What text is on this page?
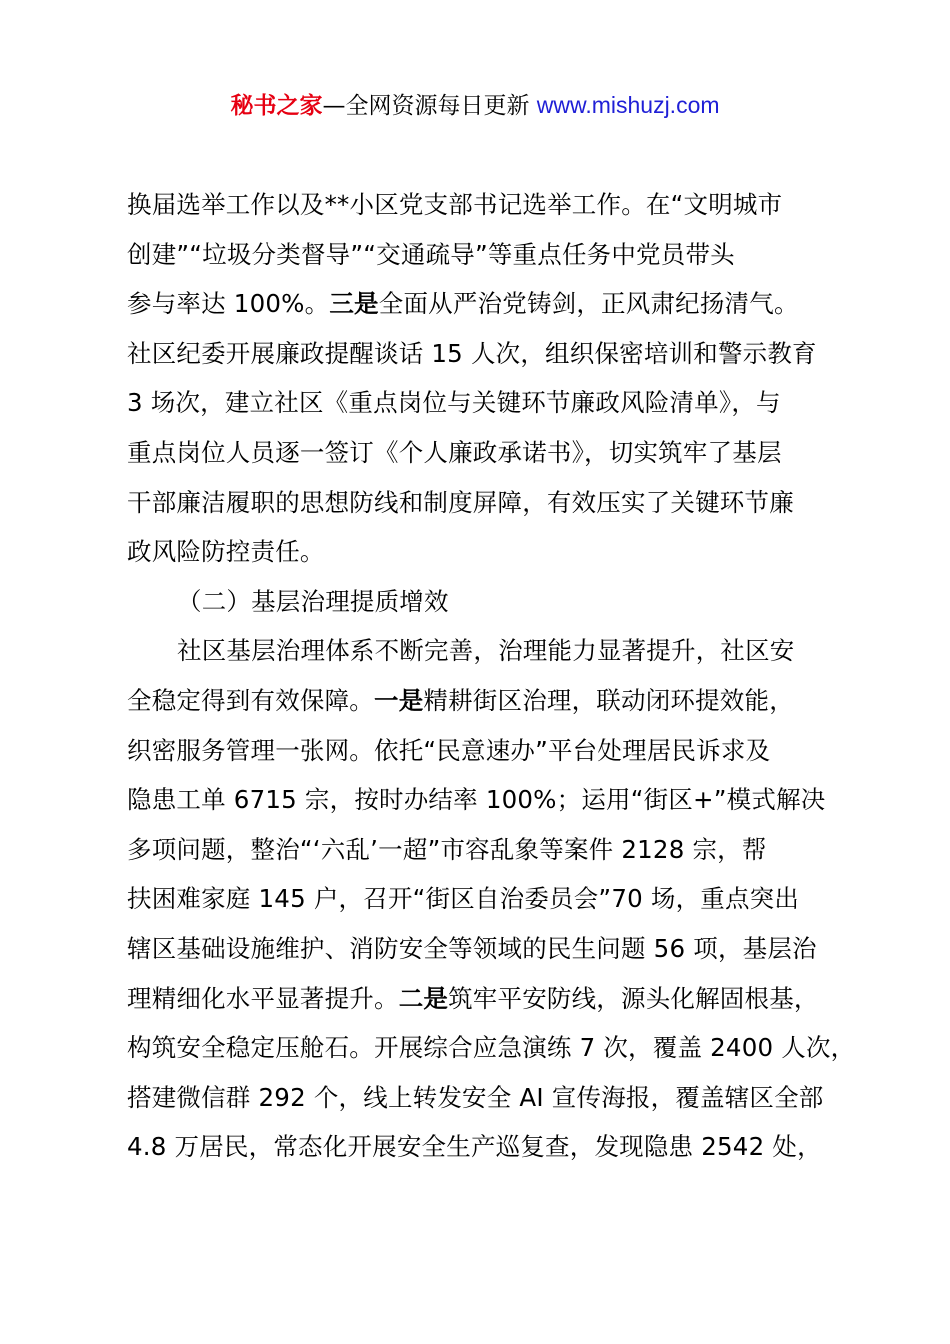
秘书之家—全网资源每日更新 www.mishuzj.com
换届选举工作以及**小区党支部书记选举工作。在“文明城市
创建”“垃圾分类督导”“交通疏导”等重点任务中党员带头
参与率达 100%。三是全面从严治党铸剑，正风肃纪扬清气。
社区纪委开展廉政提醒谈话 15 人次，组织保密培训和警示教育
3 场次，建立社区《重点岗位与关键环节廉政风险清单》，与
重点岗位人员逐一签订《个人廉政承诺书》，切实筑牢了基层
干部廉洁履职的思想防线和制度屏障，有效压实了关键环节廉
政风险防控责任。
（二）基层治理提质增效
社区基层治理体系不断完善，治理能力显著提升，社区安
全稳定得到有效保障。一是精耕街区治理，联动闭环提效能，
织密服务管理一张网。依托“民意速办”平台处理居民诉求及
隐患工单 6715 宗，按时办结率 100%；运用“街区+”模式解决
多项问题，整治“‘六乱’一超”市容乱象等案件 2128 宗，帮
扶困难家庭 145 户，召开“街区自治委员会”70 场，重点突出
辖区基础设施维护、消防安全等领域的民生问题 56 项，基层治
理精细化水平显著提升。二是筑牢平安防线，源头化解固根基，
构筑安全稳定压舱石。开展综合应急演练 7 次，覆盖 2400 人次，
搭建微信群 292 个，线上转发安全 AI 宣传海报，覆盖辖区全部
4.8 万居民，常态化开展安全生产巡复查，发现隐患 2542 处，
